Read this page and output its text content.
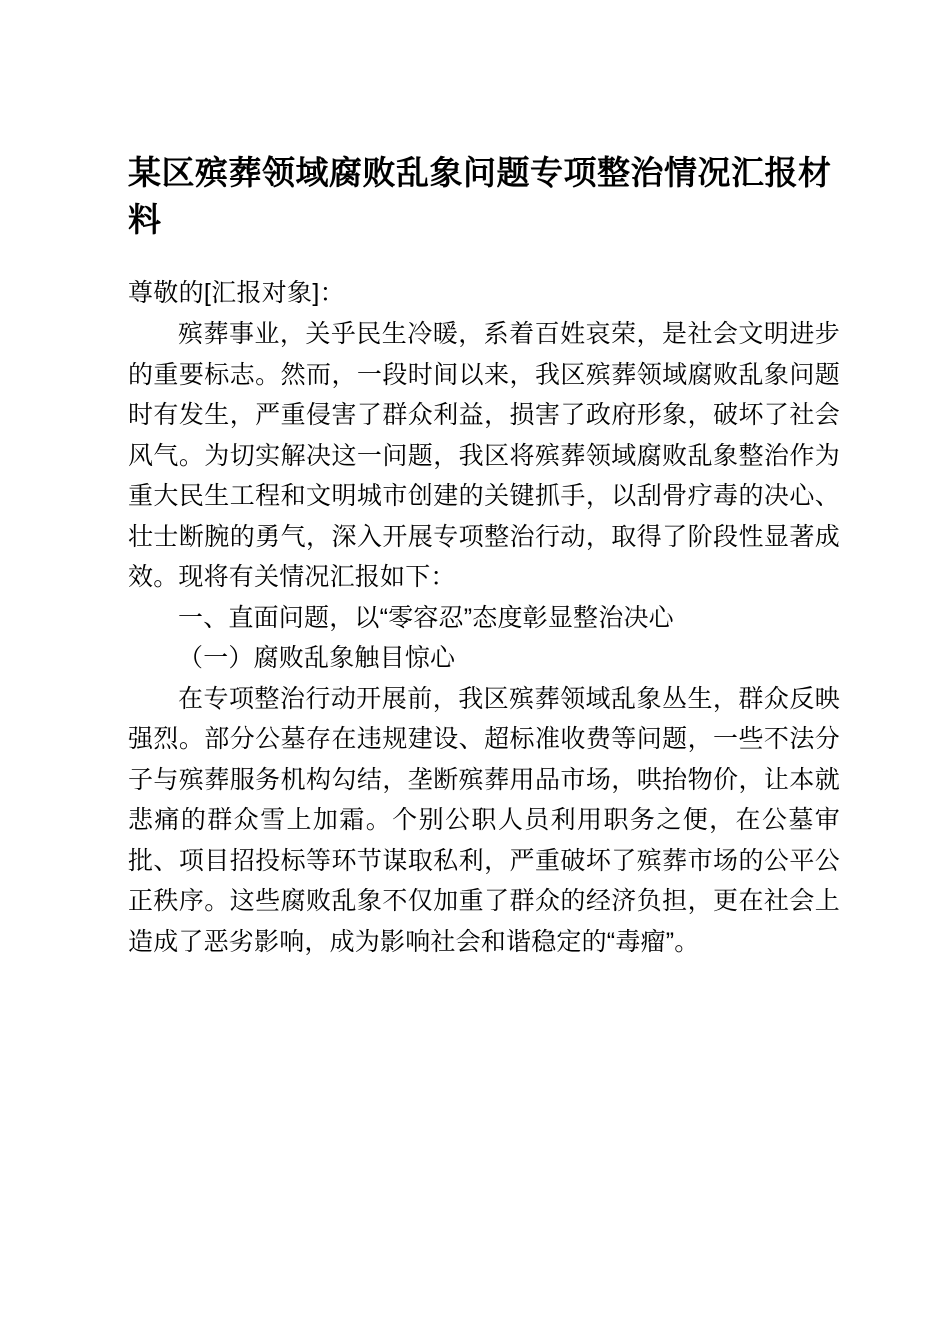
某区殡葬领域腐败乱象问题专项整治情况汇报材料

尊敬的[汇报对象]：

殡葬事业，关乎民生冷暖，系着百姓哀荣，是社会文明进步的重要标志。然而，一段时间以来，我区殡葬领域腐败乱象问题时有发生，严重侵害了群众利益，损害了政府形象，破坏了社会风气。为切实解决这一问题，我区将殡葬领域腐败乱象整治作为重大民生工程和文明城市创建的关键抓手，以刮骨疗毒的决心、壮士断腕的勇气，深入开展专项整治行动，取得了阶段性显著成效。现将有关情况汇报如下：

一、直面问题，以“零容忍”态度彰显整治决心

（一）腐败乱象触目惊心

在专项整治行动开展前，我区殡葬领域乱象丛生，群众反映强烈。部分公墓存在违规建设、超标准收费等问题，一些不法分子与殡葬服务机构勾结，垄断殡葬用品市场，哄抬物价，让本就悲痛的群众雪上加霜。个别公职人员利用职务之便，在公墓审批、项目招投标等环节谋取私利，严重破坏了殡葬市场的公平公正秩序。这些腐败乱象不仅加重了群众的经济负担，更在社会上造成了恶劣影响，成为影响社会和谐稳定的“毒瘤”。
